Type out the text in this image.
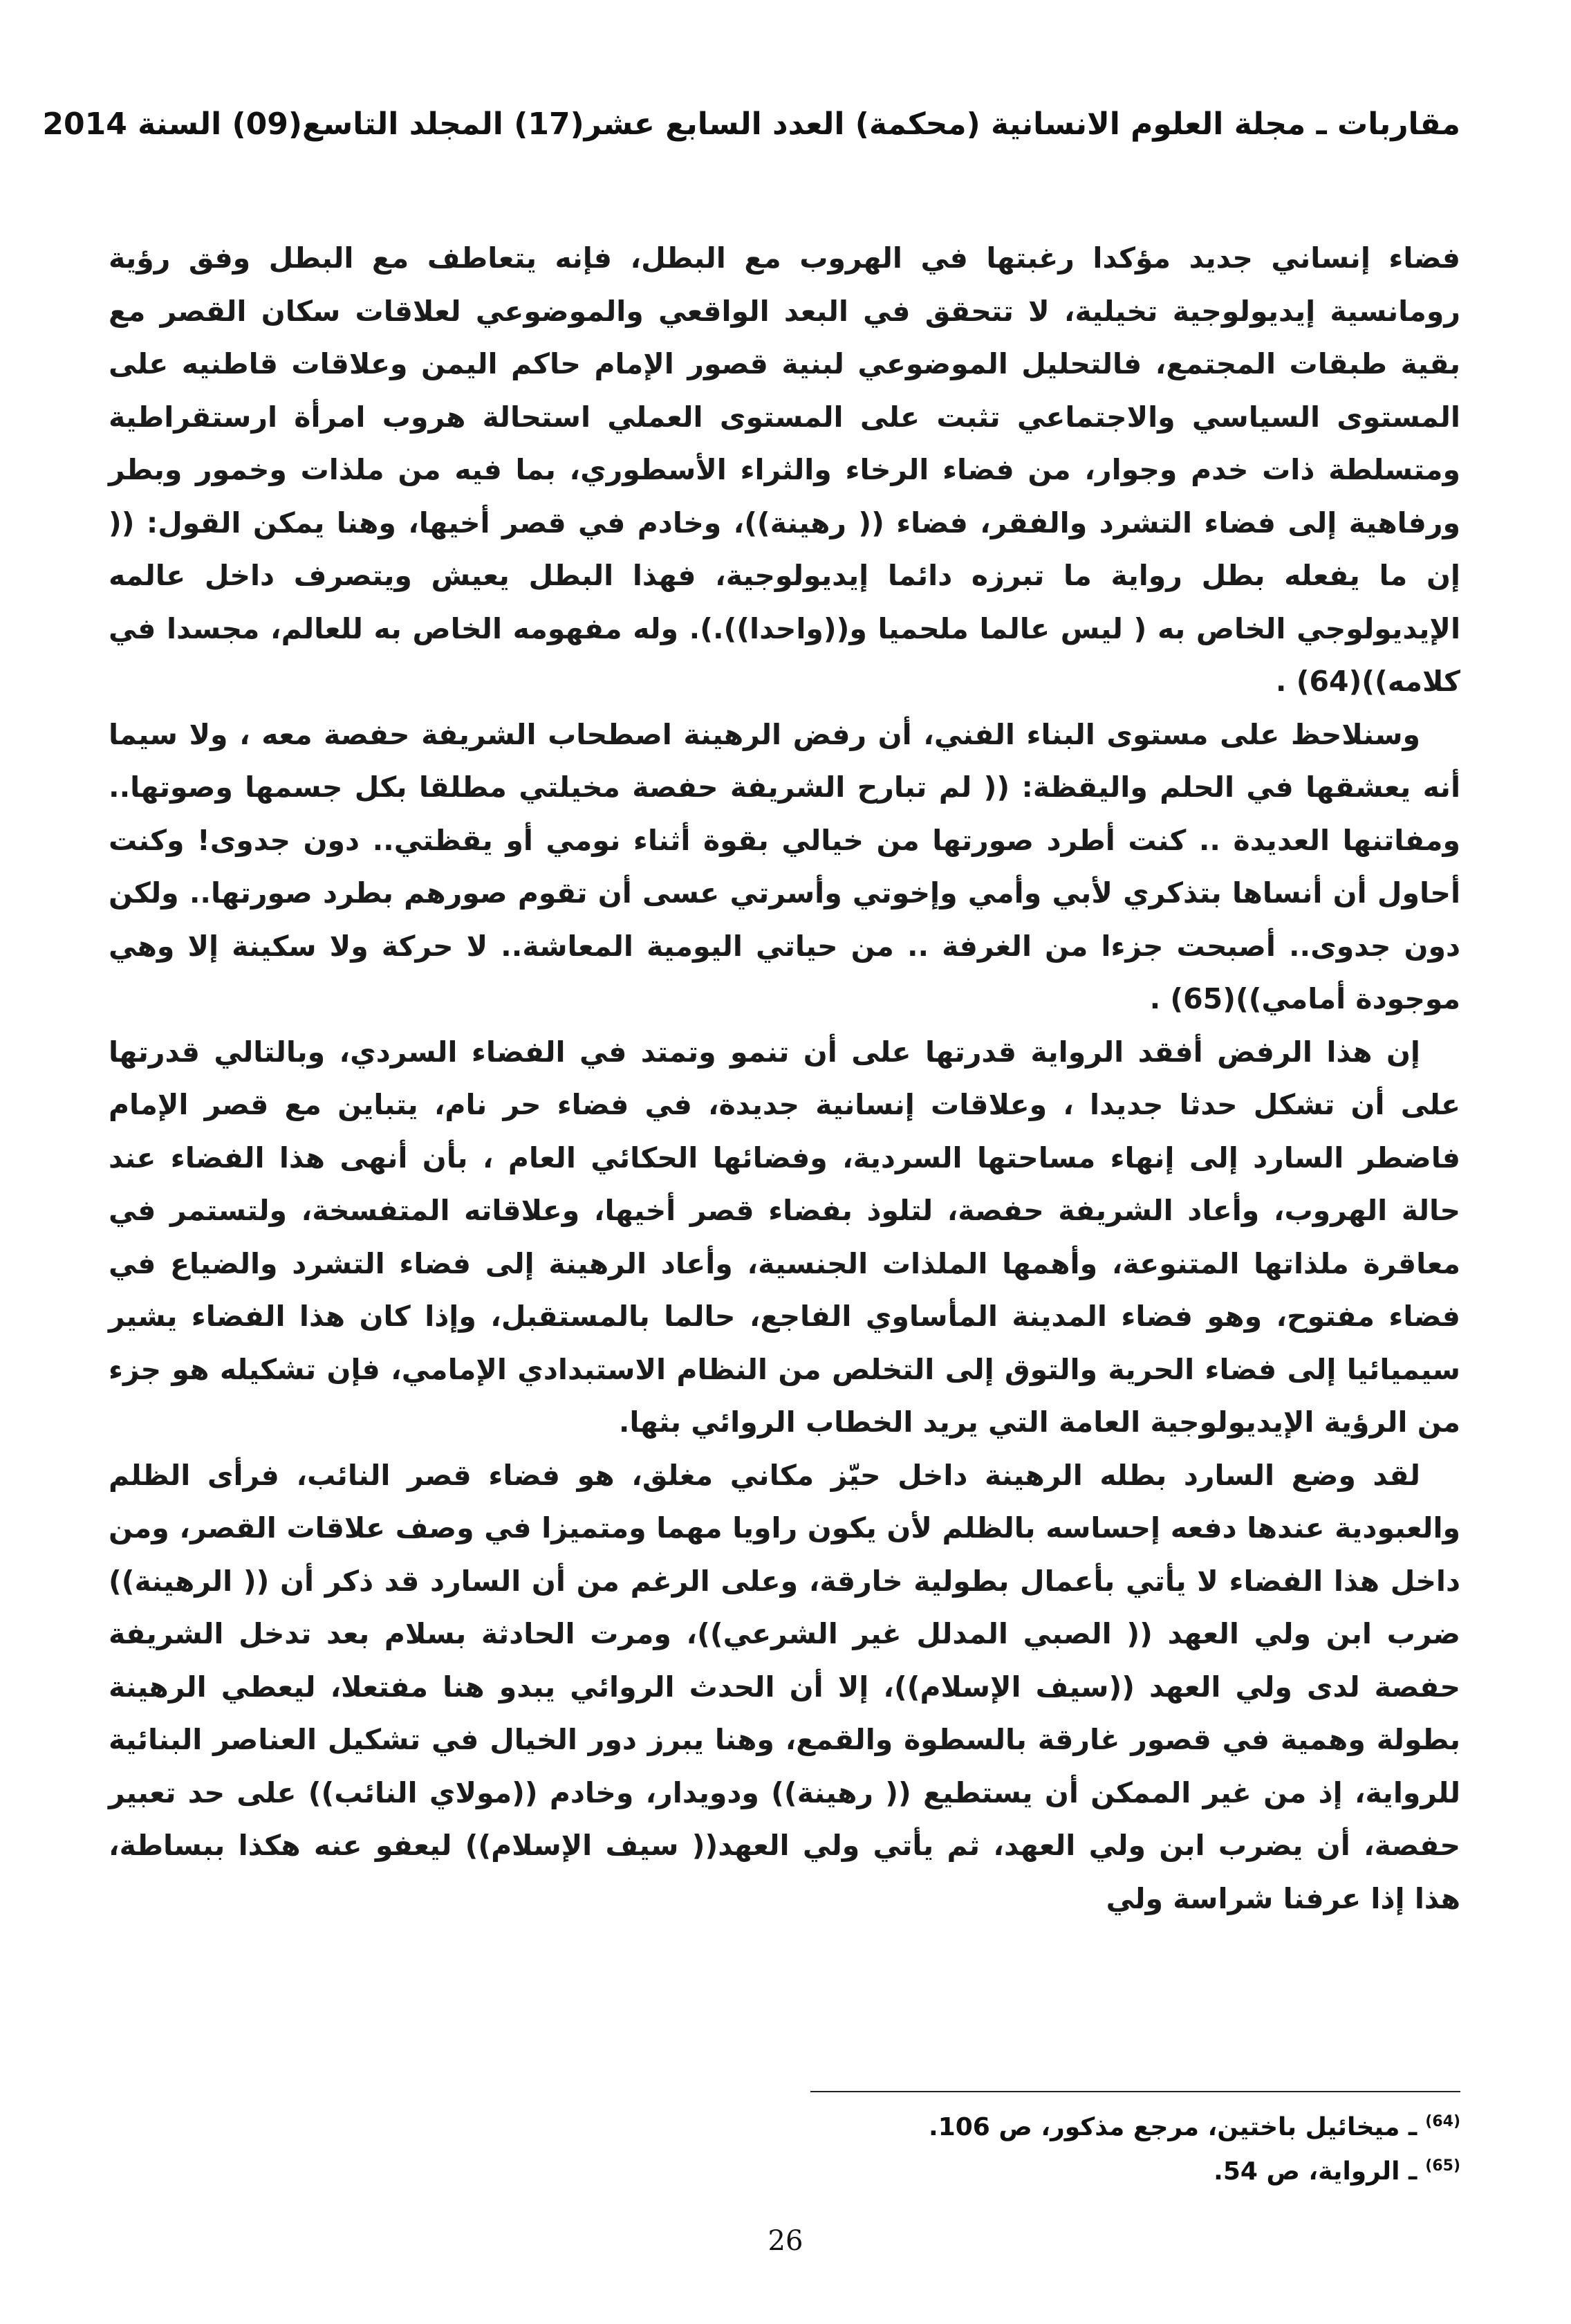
مقاربات ـ مجلة العلوم الانسانية (محكمة) العدد السابع عشر(17) المجلد التاسع(09) السنة 2014

فضاء إنساني جديد مؤكدا رغبتها في الهروب مع البطل، فإنه يتعاطف مع البطل وفق رؤية رومانسية إيديولوجية تخيلية، لا تتحقق في البعد الواقعي والموضوعي لعلاقات سكان القصر مع بقية طبقات المجتمع، فالتحليل الموضوعي لبنية قصور الإمام حاكم اليمن وعلاقات قاطنيه على المستوى السياسي والاجتماعي تثبت على المستوى العملي استحالة هروب امرأة ارستقراطية ومتسلطة ذات خدم وجوار، من فضاء الرخاء والثراء الأسطوري، بما فيه من ملذات وخمور وبطر ورفاهية إلى فضاء التشرد والفقر، فضاء (( رهينة))، وخادم في قصر أخيها، وهنا يمكن القول: (( إن ما يفعله بطل رواية ما تبرزه دائما إيديولوجية، فهذا البطل يعيش ويتصرف داخل عالمه الإيديولوجي الخاص به ( ليس عالما ملحميا و((واحدا)).). وله مفهومه الخاص به للعالم، مجسدا في كلامه))(64) .

وسنلاحظ على مستوى البناء الفني، أن رفض الرهينة اصطحاب الشريفة حفصة معه ، ولا سيما أنه يعشقها في الحلم واليقظة: (( لم تبارح الشريفة حفصة مخيلتي مطلقا بكل جسمها وصوتها.. ومفاتنها العديدة .. كنت أطرد صورتها من خيالي بقوة أثناء نومي أو يقظتي.. دون جدوى! وكنت أحاول أن أنساها بتذكري لأبي وأمي وإخوتي وأسرتي عسى أن تقوم صورهم بطرد صورتها.. ولكن دون جدوى.. أصبحت جزءا من الغرفة .. من حياتي اليومية المعاشة.. لا حركة ولا سكينة إلا وهي موجودة أمامي))(65) .

إن هذا الرفض أفقد الرواية قدرتها على أن تنمو وتمتد في الفضاء السردي، وبالتالي قدرتها على أن تشكل حدثا جديدا ، وعلاقات إنسانية جديدة، في فضاء حر نام، يتباين مع قصر الإمام فاضطر السارد إلى إنهاء مساحتها السردية، وفضائها الحكائي العام ، بأن أنهى هذا الفضاء عند حالة الهروب، وأعاد الشريفة حفصة، لتلوذ بفضاء قصر أخيها، وعلاقاته المتفسخة، ولتستمر في معاقرة ملذاتها المتنوعة، وأهمها الملذات الجنسية، وأعاد الرهينة إلى فضاء التشرد والضياع في فضاء مفتوح، وهو فضاء المدينة المأساوي الفاجع، حالما بالمستقبل، وإذا كان هذا الفضاء يشير سيميائيا إلى فضاء الحرية والتوق إلى التخلص من النظام الاستبدادي الإمامي، فإن تشكيله هو جزء من الرؤية الإيديولوجية العامة التي يريد الخطاب الروائي بثها.

لقد وضع السارد بطله الرهينة داخل حيّز مكاني مغلق، هو فضاء قصر النائب، فرأى الظلم والعبودية عندها دفعه إحساسه بالظلم لأن يكون راويا مهما ومتميزا في وصف علاقات القصر، ومن داخل هذا الفضاء لا يأتي بأعمال بطولية خارقة، وعلى الرغم من أن السارد قد ذكر أن (( الرهينة)) ضرب ابن ولي العهد (( الصبي المدلل غير الشرعي))، ومرت الحادثة بسلام بعد تدخل الشريفة حفصة لدى ولي العهد ((سيف الإسلام))، إلا أن الحدث الروائي يبدو هنا مفتعلا، ليعطي الرهينة بطولة وهمية في قصور غارقة بالسطوة والقمع، وهنا يبرز دور الخيال في تشكيل العناصر البنائية للرواية، إذ من غير الممكن أن يستطيع (( رهينة)) ودويدار، وخادم ((مولاي النائب)) على حد تعبير حفصة، أن يضرب ابن ولي العهد، ثم يأتي ولي العهد(( سيف الإسلام)) ليعفو عنه هكذا ببساطة، هذا إذا عرفنا شراسة ولي

$^{(64)}$ـ ميخائيل باختين، مرجع مذكور، ص 106.
$^{(65)}$ـ الرواية، ص 54.
26
